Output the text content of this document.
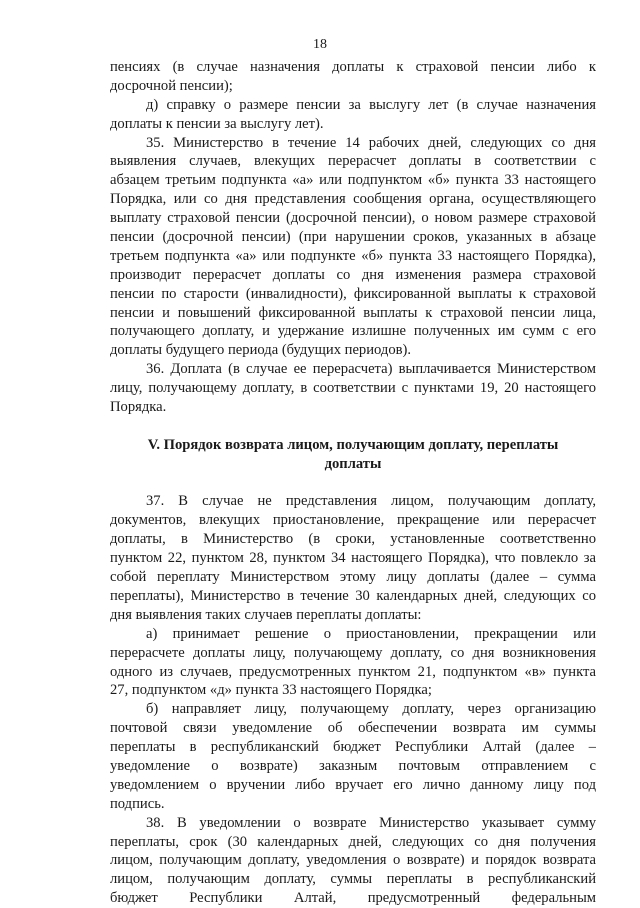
18
пенсиях (в случае назначения доплаты к страховой пенсии либо к
досрочной пенсии);
д) справку о размере пенсии за выслугу лет (в случае назначения
доплаты к пенсии за выслугу лет).
35. Министерство в течение 14 рабочих дней, следующих со дня
выявления случаев, влекущих перерасчет доплаты в соответствии с
абзацем третьим подпункта «а» или подпунктом «б» пункта 33 настоящего
Порядка, или со дня представления сообщения органа, осуществляющего
выплату страховой пенсии (досрочной пенсии), о новом размере страховой
пенсии (досрочной пенсии) (при нарушении сроков, указанных в абзаце
третьем подпункта «а» или подпункте «б» пункта 33 настоящего Порядка),
производит перерасчет доплаты со дня изменения размера страховой
пенсии по старости (инвалидности), фиксированной выплаты к страховой
пенсии и повышений фиксированной выплаты к страховой пенсии лица,
получающего доплату, и удержание излишне полученных им сумм с его
доплаты будущего периода (будущих периодов).
36. Доплата (в случае ее перерасчета) выплачивается Министерством
лицу, получающему доплату, в соответствии с пунктами 19, 20 настоящего
Порядка.
V. Порядок возврата лицом, получающим доплату, переплаты
доплаты
37. В случае не представления лицом, получающим доплату,
документов, влекущих приостановление, прекращение или перерасчет
доплаты, в Министерство (в сроки, установленные соответственно
пунктом 22, пунктом 28, пунктом 34 настоящего Порядка), что повлекло за
собой переплату Министерством этому лицу доплаты (далее – сумма
переплаты), Министерство в течение 30 календарных дней, следующих со
дня выявления таких случаев переплаты доплаты:
а) принимает решение о приостановлении, прекращении или
перерасчете доплаты лицу, получающему доплату, со дня возникновения
одного из случаев, предусмотренных пунктом 21, подпунктом «в» пункта
27, подпунктом «д» пункта 33 настоящего Порядка;
б) направляет лицу, получающему доплату, через организацию
почтовой связи уведомление об обеспечении возврата им суммы
переплаты в республиканский бюджет Республики Алтай (далее –
уведомление о возврате) заказным почтовым отправлением с
уведомлением о вручении либо вручает его лично данному лицу под
подпись.
38. В уведомлении о возврате Министерство указывает сумму
переплаты, срок (30 календарных дней, следующих со дня получения
лицом, получающим доплату, уведомления о возврате) и порядок возврата
лицом, получающим доплату, суммы переплаты в республиканский
бюджет Республики Алтай, предусмотренный федеральным
